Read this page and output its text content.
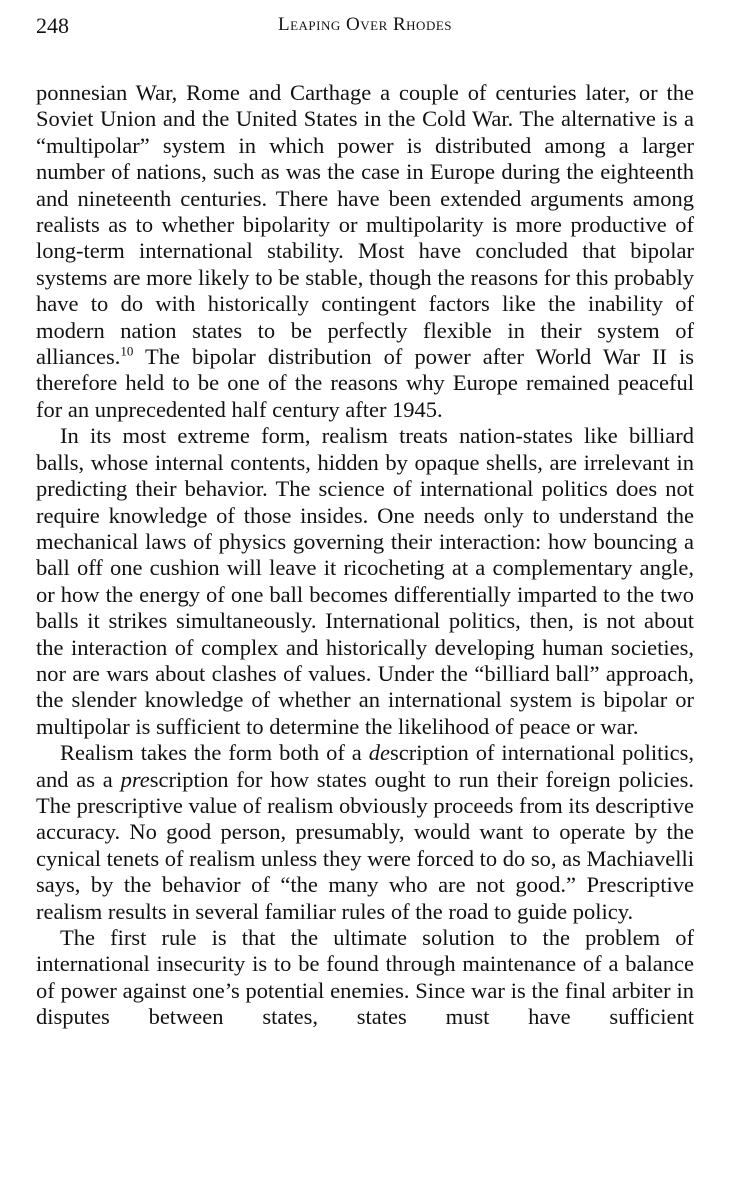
248	Leaping Over Rhodes

ponnesian War, Rome and Carthage a couple of centuries later, or the Soviet Union and the United States in the Cold War. The alternative is a “multipolar” system in which power is distributed among a larger number of nations, such as was the case in Europe during the eighteenth and nineteenth centuries. There have been extended arguments among realists as to whether bipolarity or multipolarity is more productive of long-term international stability. Most have concluded that bipolar systems are more likely to be stable, though the reasons for this probably have to do with historically contingent factors like the inability of modern nation states to be perfectly flexible in their system of alliances.$^{10}$ The bipolar distribution of power after World War II is therefore held to be one of the reasons why Europe remained peaceful for an unprecedented half century after 1945.

In its most extreme form, realism treats nation-states like billiard balls, whose internal contents, hidden by opaque shells, are irrelevant in predicting their behavior. The science of international politics does not require knowledge of those insides. One needs only to understand the mechanical laws of physics governing their interaction: how bouncing a ball off one cushion will leave it ricocheting at a complementary angle, or how the energy of one ball becomes differentially imparted to the two balls it strikes simultaneously. International politics, then, is not about the interaction of complex and historically developing human societies, nor are wars about clashes of values. Under the “billiard ball” approach, the slender knowledge of whether an international system is bipolar or multipolar is sufficient to determine the likelihood of peace or war.

Realism takes the form both of a description of international politics, and as a prescription for how states ought to run their foreign policies. The prescriptive value of realism obviously proceeds from its descriptive accuracy. No good person, presumably, would want to operate by the cynical tenets of realism unless they were forced to do so, as Machiavelli says, by the behavior of “the many who are not good.” Prescriptive realism results in several familiar rules of the road to guide policy.

The first rule is that the ultimate solution to the problem of international insecurity is to be found through maintenance of a balance of power against one’s potential enemies. Since war is the final arbiter in disputes between states, states must have sufficient
